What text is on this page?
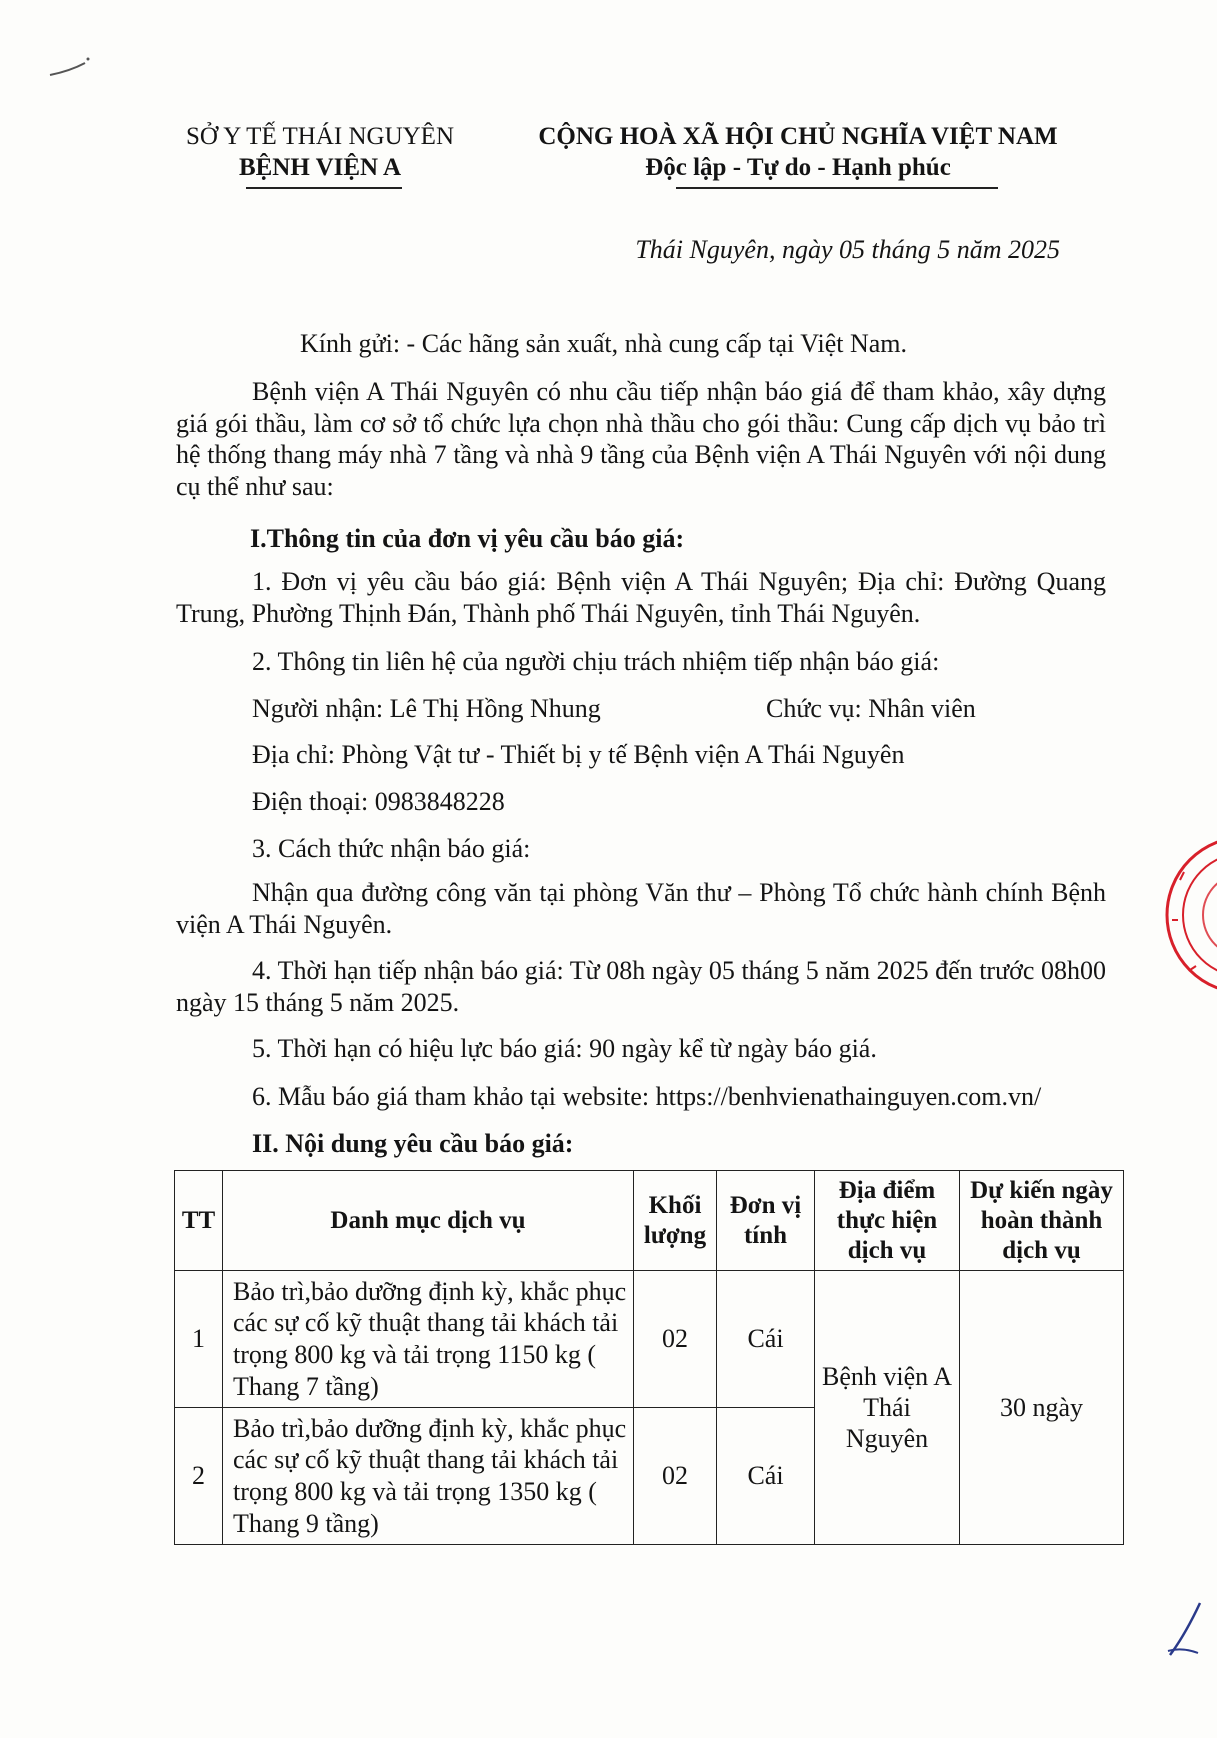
SỞ Y TẾ THÁI NGUYÊN
BỆNH VIỆN A
CỘNG HOÀ XÃ HỘI CHỦ NGHĨA VIỆT NAM
Độc lập - Tự do - Hạnh phúc
Thái Nguyên, ngày 05 tháng 5 năm 2025
Kính gửi: - Các hãng sản xuất, nhà cung cấp tại Việt Nam.
Bệnh viện A Thái Nguyên có nhu cầu tiếp nhận báo giá để tham khảo, xây dựng giá gói thầu, làm cơ sở tổ chức lựa chọn nhà thầu cho gói thầu: Cung cấp dịch vụ bảo trì hệ thống thang máy nhà 7 tầng và nhà 9 tầng của Bệnh viện A Thái Nguyên với nội dung cụ thể như sau:
I.Thông tin của đơn vị yêu cầu báo giá:
1. Đơn vị yêu cầu báo giá: Bệnh viện A Thái Nguyên; Địa chỉ: Đường Quang Trung, Phường Thịnh Đán, Thành phố Thái Nguyên, tỉnh Thái Nguyên.
2. Thông tin liên hệ của người chịu trách nhiệm tiếp nhận báo giá:
Người nhận: Lê Thị Hồng Nhung	Chức vụ: Nhân viên
Địa chỉ: Phòng Vật tư - Thiết bị y tế Bệnh viện A Thái Nguyên
Điện thoại: 0983848228
3. Cách thức nhận báo giá:
Nhận qua đường công văn tại phòng Văn thư – Phòng Tổ chức hành chính Bệnh viện A Thái Nguyên.
4. Thời hạn tiếp nhận báo giá: Từ 08h ngày 05 tháng 5 năm 2025 đến trước 08h00 ngày 15 tháng 5 năm 2025.
5. Thời hạn có hiệu lực báo giá: 90 ngày kể từ ngày báo giá.
6. Mẫu báo giá tham khảo tại website: https://benhvienathainguyen.com.vn/
II. Nội dung yêu cầu báo giá:
TT	Danh mục dịch vụ	Khối lượng	Đơn vị tính	Địa điểm thực hiện dịch vụ	Dự kiến ngày hoàn thành dịch vụ
1	Bảo trì,bảo dưỡng định kỳ, khắc phục các sự cố kỹ thuật thang tải khách tải trọng 800 kg và tải trọng 1150 kg ( Thang 7 tầng)	02	Cái	Bệnh viện A Thái Nguyên	30 ngày
2	Bảo trì,bảo dưỡng định kỳ, khắc phục các sự cố kỹ thuật thang tải khách tải trọng 800 kg và tải trọng 1350 kg ( Thang 9 tầng)	02	Cái		
